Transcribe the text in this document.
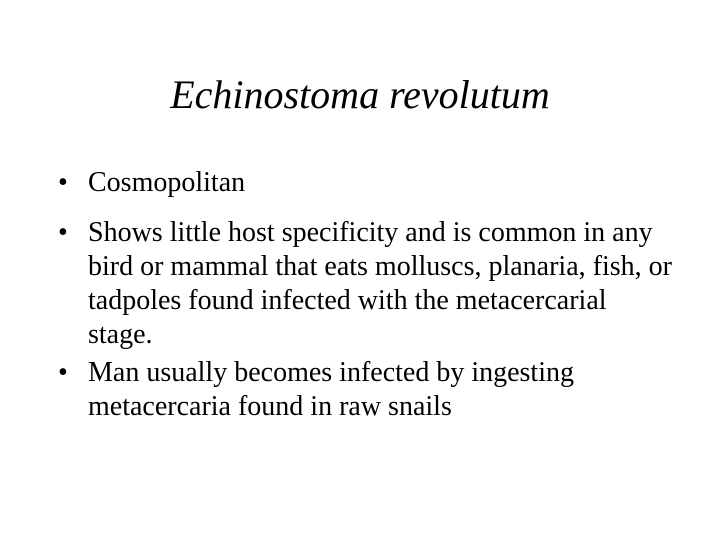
Echinostoma revolutum
• Cosmopolitan
• Shows little host specificity and is common in any bird or mammal that eats molluscs, planaria, fish, or tadpoles found infected with the metacercarial stage.
• Man usually becomes infected by ingesting metacercaria found in raw snails
